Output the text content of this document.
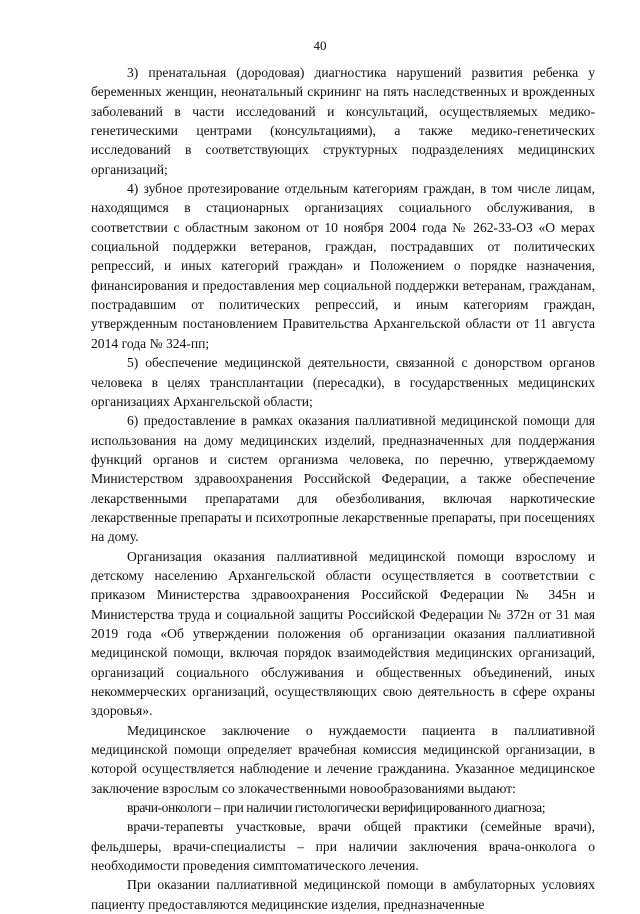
40

3) пренатальная (дородовая) диагностика нарушений развития ребенка у беременных женщин, неонатальный скрининг на пять наследственных и врожденных заболеваний в части исследований и консультаций, осуществляемых медико-генетическими центрами (консультациями), а также медико-генетических исследований в соответствующих структурных подразделениях медицинских организаций;

4) зубное протезирование отдельным категориям граждан, в том числе лицам, находящимся в стационарных организациях социального обслуживания, в соответствии с областным законом от 10 ноября 2004 года № 262-33-ОЗ «О мерах социальной поддержки ветеранов, граждан, пострадавших от политических репрессий, и иных категорий граждан» и Положением о порядке назначения, финансирования и предоставления мер социальной поддержки ветеранам, гражданам, пострадавшим от политических репрессий, и иным категориям граждан, утвержденным постановлением Правительства Архангельской области от 11 августа 2014 года № 324-пп;

5) обеспечение медицинской деятельности, связанной с донорством органов человека в целях трансплантации (пересадки), в государственных медицинских организациях Архангельской области;

6) предоставление в рамках оказания паллиативной медицинской помощи для использования на дому медицинских изделий, предназначенных для поддержания функций органов и систем организма человека, по перечню, утверждаемому Министерством здравоохранения Российской Федерации, а также обеспечение лекарственными препаратами для обезболивания, включая наркотические лекарственные препараты и психотропные лекарственные препараты, при посещениях на дому.

Организация оказания паллиативной медицинской помощи взрослому и детскому населению Архангельской области осуществляется в соответствии с приказом Министерства здравоохранения Российской Федерации № 345н и Министерства труда и социальной защиты Российской Федерации № 372н от 31 мая 2019 года «Об утверждении положения об организации оказания паллиативной медицинской помощи, включая порядок взаимодействия медицинских организаций, организаций социального обслуживания и общественных объединений, иных некоммерческих организаций, осуществляющих свою деятельность в сфере охраны здоровья».

Медицинское заключение о нуждаемости пациента в паллиативной медицинской помощи определяет врачебная комиссия медицинской организации, в которой осуществляется наблюдение и лечение гражданина. Указанное медицинское заключение взрослым со злокачественными новообразованиями выдают:

врачи-онкологи – при наличии гистологически верифицированного диагноза;

врачи-терапевты участковые, врачи общей практики (семейные врачи), фельдшеры, врачи-специалисты – при наличии заключения врача-онколога о необходимости проведения симптоматического лечения.

При оказании паллиативной медицинской помощи в амбулаторных условиях пациенту предоставляются медицинские изделия, предназначенные
